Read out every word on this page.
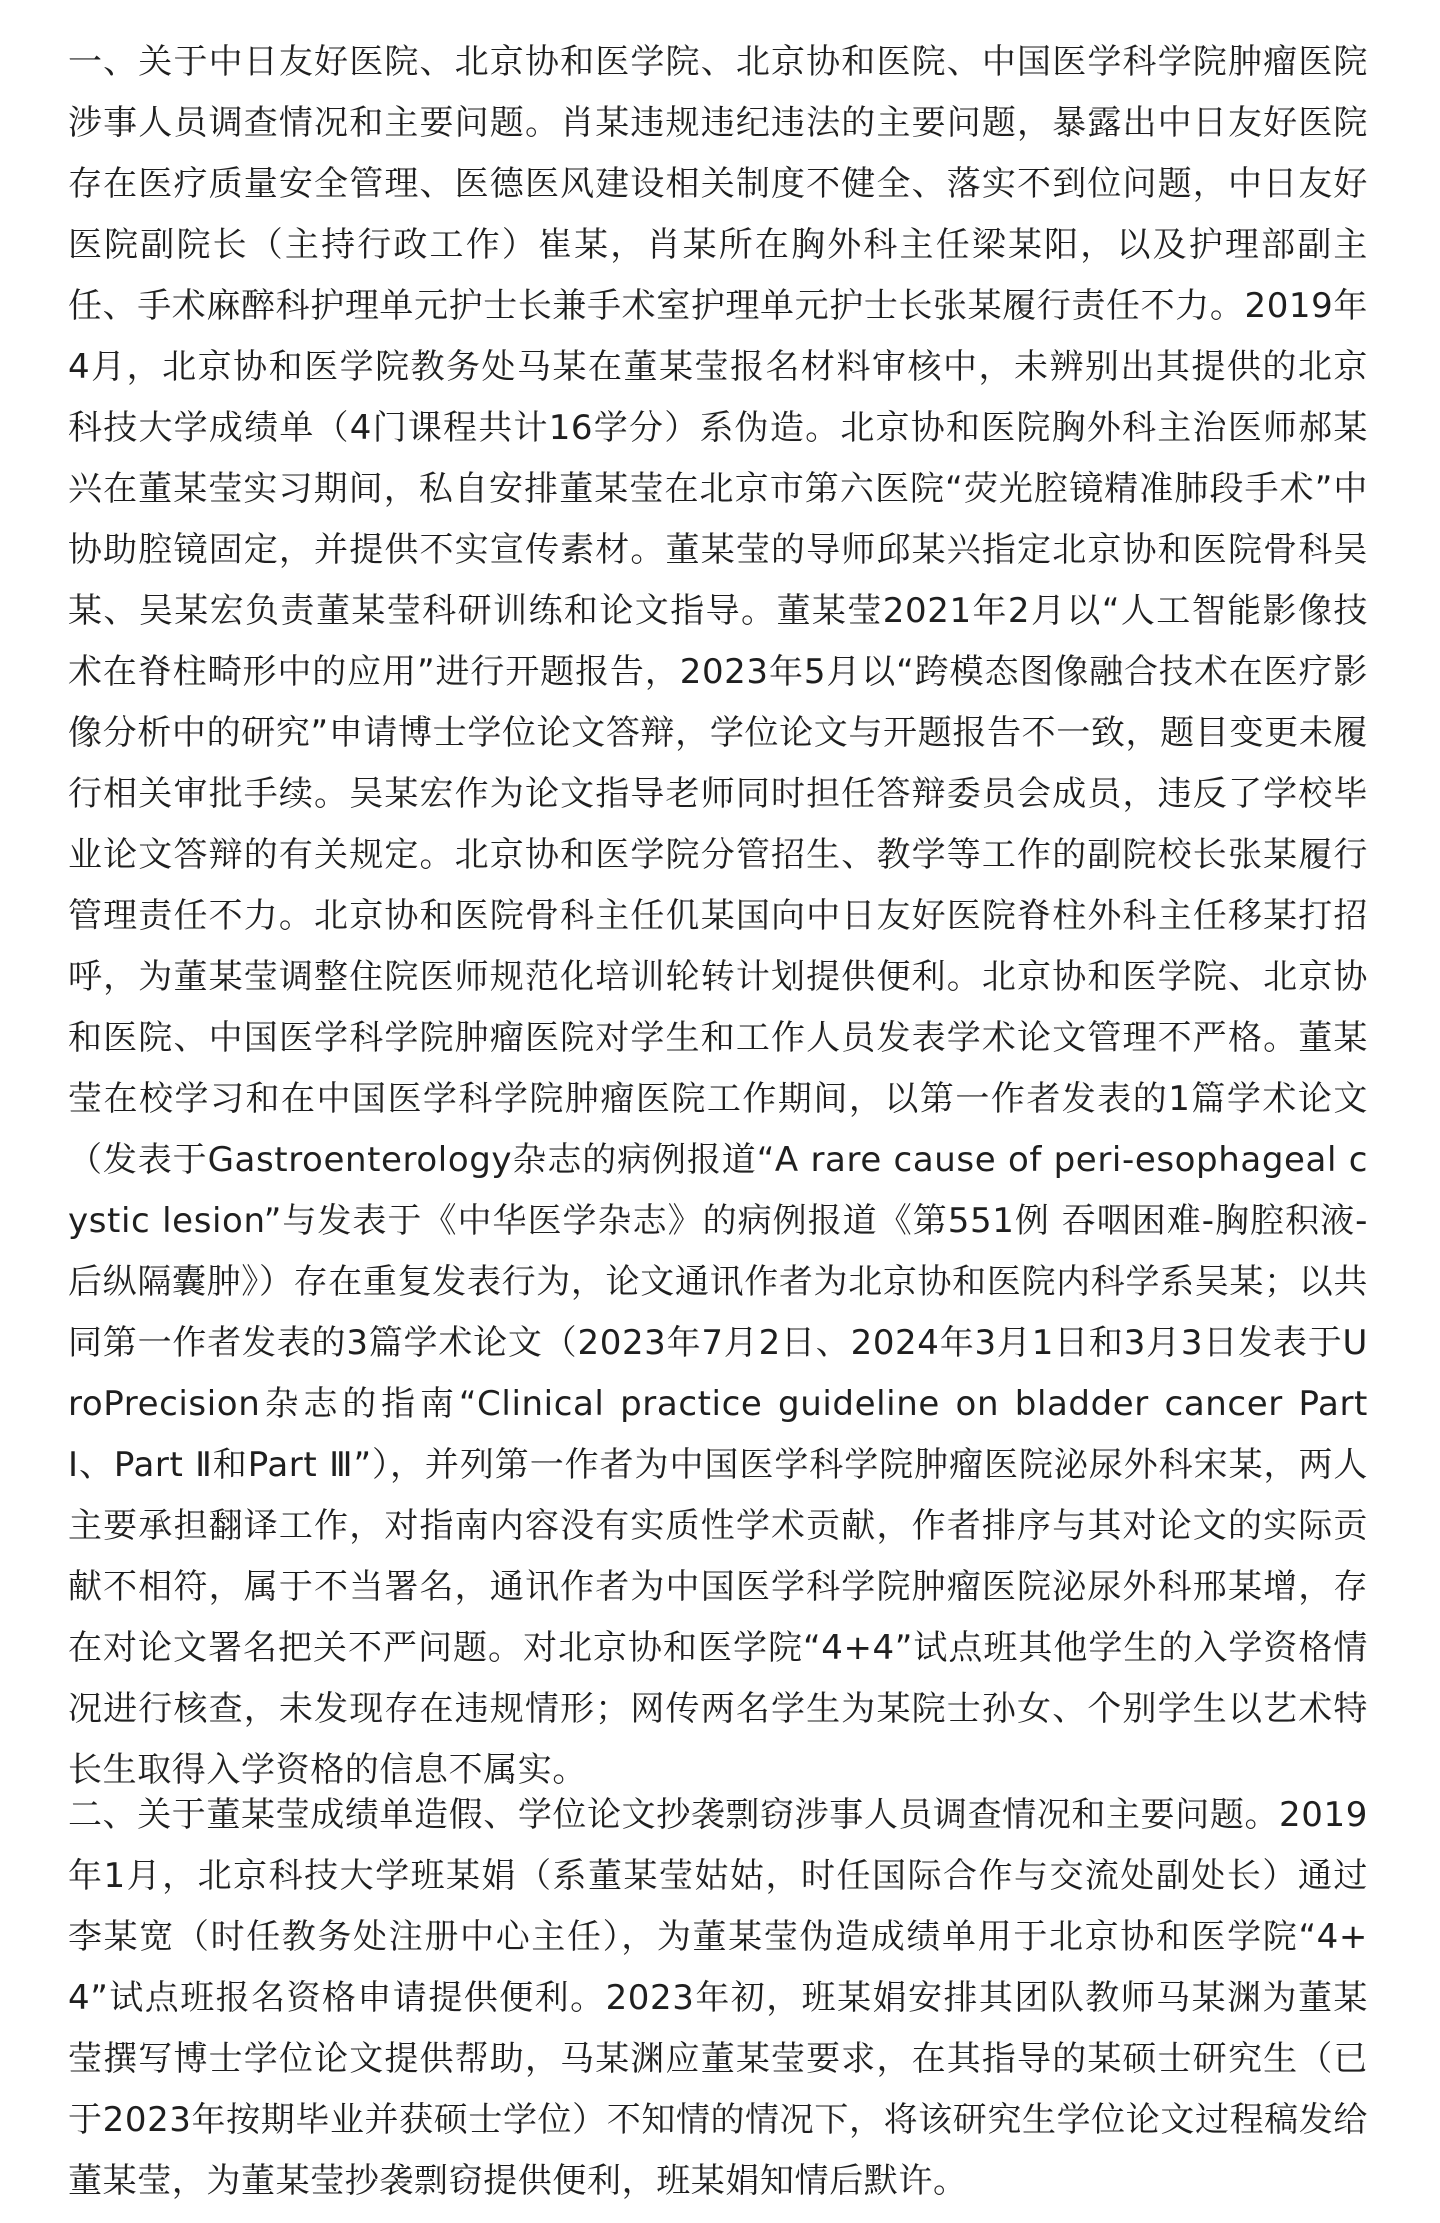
一、关于中日友好医院、北京协和医学院、北京协和医院、中国医学科学院肿瘤医院涉事人员调查情况和主要问题。肖某违规违纪违法的主要问题，暴露出中日友好医院存在医疗质量安全管理、医德医风建设相关制度不健全、落实不到位问题，中日友好医院副院长（主持行政工作）崔某，肖某所在胸外科主任梁某阳，以及护理部副主任、手术麻醉科护理单元护士长兼手术室护理单元护士长张某履行责任不力。2019年4月，北京协和医学院教务处马某在董某莹报名材料审核中，未辨别出其提供的北京科技大学成绩单（4门课程共计16学分）系伪造。北京协和医院胸外科主治医师郝某兴在董某莹实习期间，私自安排董某莹在北京市第六医院“荧光腔镜精准肺段手术”中协助腔镜固定，并提供不实宣传素材。董某莹的导师邱某兴指定北京协和医院骨科吴某、吴某宏负责董某莹科研训练和论文指导。董某莹2021年2月以“人工智能影像技术在脊柱畸形中的应用”进行开题报告，2023年5月以“跨模态图像融合技术在医疗影像分析中的研究”申请博士学位论文答辩，学位论文与开题报告不一致，题目变更未履行相关审批手续。吴某宏作为论文指导老师同时担任答辩委员会成员，违反了学校毕业论文答辩的有关规定。北京协和医学院分管招生、教学等工作的副院校长张某履行管理责任不力。北京协和医院骨科主任仉某国向中日友好医院脊柱外科主任移某打招呼，为董某莹调整住院医师规范化培训轮转计划提供便利。北京协和医学院、北京协和医院、中国医学科学院肿瘤医院对学生和工作人员发表学术论文管理不严格。董某莹在校学习和在中国医学科学院肿瘤医院工作期间，以第一作者发表的1篇学术论文（发表于Gastroenterology杂志的病例报道“A rare cause of peri-esophageal cystic lesion”与发表于《中华医学杂志》的病例报道《第551例 吞咽困难-胸腔积液-后纵隔囊肿》）存在重复发表行为，论文通讯作者为北京协和医院内科学系吴某；以共同第一作者发表的3篇学术论文（2023年7月2日、2024年3月1日和3月3日发表于UroPrecision杂志的指南“Clinical practice guideline on bladder cancer Part Ⅰ、Part Ⅱ和Part Ⅲ”），并列第一作者为中国医学科学院肿瘤医院泌尿外科宋某，两人主要承担翻译工作，对指南内容没有实质性学术贡献，作者排序与其对论文的实际贡献不相符，属于不当署名，通讯作者为中国医学科学院肿瘤医院泌尿外科邢某增，存在对论文署名把关不严问题。对北京协和医学院“4+4”试点班其他学生的入学资格情况进行核查，未发现存在违规情形；网传两名学生为某院士孙女、个别学生以艺术特长生取得入学资格的信息不属实。

二、关于董某莹成绩单造假、学位论文抄袭剽窃涉事人员调查情况和主要问题。2019年1月，北京科技大学班某娟（系董某莹姑姑，时任国际合作与交流处副处长）通过李某宽（时任教务处注册中心主任），为董某莹伪造成绩单用于北京协和医学院“4+4”试点班报名资格申请提供便利。2023年初，班某娟安排其团队教师马某渊为董某莹撰写博士学位论文提供帮助，马某渊应董某莹要求，在其指导的某硕士研究生（已于2023年按期毕业并获硕士学位）不知情的情况下，将该研究生学位论文过程稿发给董某莹，为董某莹抄袭剽窃提供便利，班某娟知情后默许。
